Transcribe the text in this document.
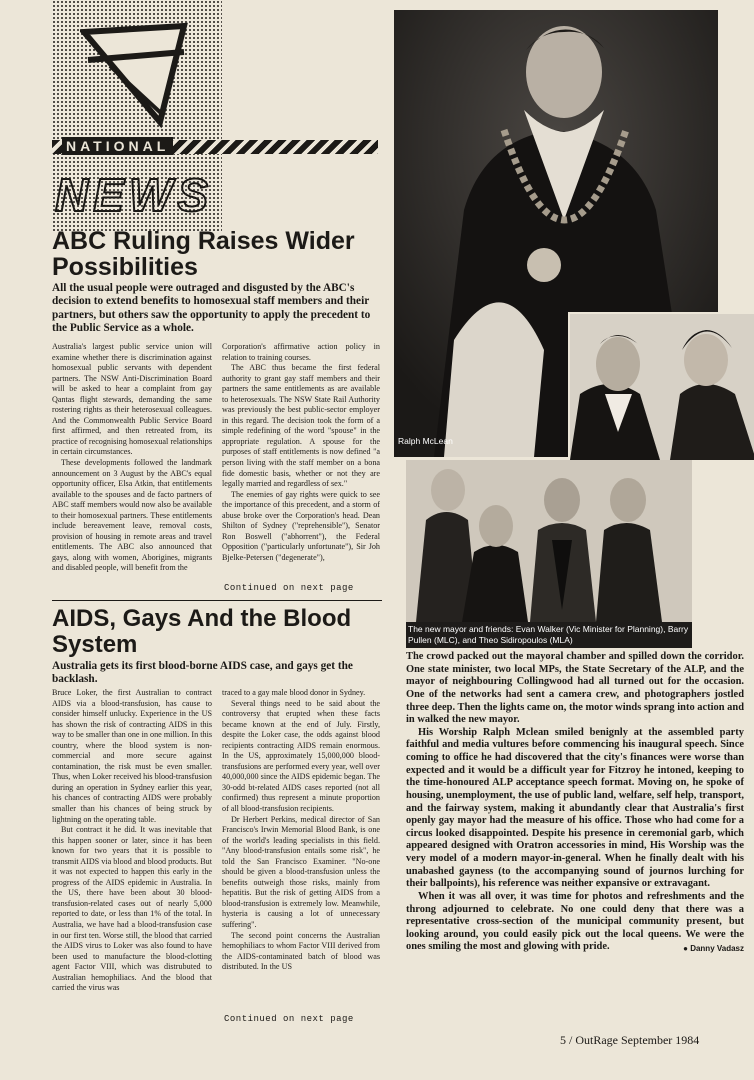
NATIONAL
NEWS
ABC Ruling Raises Wider Possibilities
All the usual people were outraged and disgusted by the ABC's decision to extend benefits to homosexual staff members and their partners, but others saw the opportunity to apply the precedent to the Public Service as a whole.

Australia's largest public service union will examine whether there is discrimination against homosexual public servants with dependent partners. The NSW Anti-Discrimination Board will be asked to hear a complaint from gay Qantas flight stewards, demanding the same rostering rights as their heterosexual colleagues. And the Commonwealth Public Service Board first affirmed, and then retreated from, its practice of recognising homosexual relationships in certain circumstances.

These developments followed the landmark announcement on 3 August by the ABC's equal opportunity officer, Elsa Atkin, that entitlements available to the spouses and de facto partners of ABC staff members would now also be available to their homosexual partners. These entitlements include bereavement leave, removal costs, provision of housing in remote areas and travel entitlements. The ABC also announced that gays, along with women, Aborigines, migrants and disabled people, will benefit from the

Corporation's affirmative action policy in relation to training courses.

The ABC thus became the first federal authority to grant gay staff members and their partners the same entitlements as are available to heterosexuals. The NSW State Rail Authority was previously the best public-sector employer in this regard. The decision took the form of a simple redefining of the word "spouse" in the appropriate regulation. A spouse for the purposes of staff entitlements is now defined "a person living with the staff member on a bona fide domestic basis, whether or not they are legally married and regardless of sex."

The enemies of gay rights were quick to see the importance of this precedent, and a storm of abuse broke over the Corporation's head. Dean Shilton of Sydney ("reprehensible"), Senator Ron Boswell ("abhorrent"), the Federal Opposition ("particularly unfortunate"), Sir Joh Bjelke-Petersen ("degenerate"),

Continued on next page
AIDS, Gays And the Blood System
Australia gets its first blood-borne AIDS case, and gays get the backlash.

Bruce Loker, the first Australian to contract AIDS via a blood-transfusion, has cause to consider himself unlucky. Experience in the US has shown the risk of contracting AIDS in this way to be smaller than one in one million. In this country, where the blood system is non-commercial and more secure against contamination, the risk must be even smaller. Thus, when Loker received his blood-transfusion during an operation in Sydney earlier this year, his chances of contracting AIDS were probably smaller than his chances of being struck by lightning on the operating table.

But contract it he did. It was inevitable that this happen sooner or later, since it has been known for two years that it is possible to transmit AIDS via blood and blood products. But it was not expected to happen this early in the progress of the AIDS epidemic in Australia. In the US, there have been about 30 blood-transfusion-related cases out of nearly 5,000 reported to date, or less than 1% of the total. In Australia, we have had a blood-transfusion case in our first ten. Worse still, the blood that carried the AIDS virus to Loker was also found to have been used to manufacture the blood-clotting agent Factor VIII, which was distrubuted to Australian hemophiliacs. And the blood that carried the virus was

traced to a gay male blood donor in Sydney.

Several things need to be said about the controversy that erupted when these facts became known at the end of July. Firstly, despite the Loker case, the odds against blood recipients contracting AIDS remain enormous. In the US, approximately 15,000,000 blood-transfusions are performed every year, well over 40,000,000 since the AIDS epidemic began. The 30-odd bt-related AIDS cases reported (not all confirmed) thus represent a minute proportion of all blood-transfusion recipients.

Dr Herbert Perkins, medical director of San Francisco's Irwin Memorial Blood Bank, is one of the world's leading specialists in this field. "Any blood-transfusion entails some risk", he told the San Francisco Examiner. "No-one should be given a blood-transfusion unless the benefits outweigh those risks, mainly from hepatitis. But the risk of getting AIDS from a blood-transfusion is extremely low. Meanwhile, hysteria is causing a lot of unnecessary suffering".

The second point concerns the Australian hemophiliacs to whom Factor VIII derived from the AIDS-contaminated batch of blood was distributed. In the US

Continued on next page
Ralph McLean
The new mayor and friends: Evan Walker (Vic Minister for Planning), Barry Pullen (MLC), and Theo Sidiropoulos (MLA)

The crowd packed out the mayoral chamber and spilled down the corridor. One state minister, two local MPs, the State Secretary of the ALP, and the mayor of neighbouring Collingwood had all turned out for the occasion. One of the networks had sent a camera crew, and photographers jostled three deep. Then the lights came on, the motor winds sprang into action and in walked the new mayor.

His Worship Ralph Mclean smiled benignly at the assembled party faithful and media vultures before commencing his inaugural speech. Since coming to office he had discovered that the city's finances were worse than expected and it would be a difficult year for Fitzroy he intoned, keeping to the time-honoured ALP acceptance speech format. Moving on, he spoke of housing, unemployment, the use of public land, welfare, self help, transport, and the fairway system, making it abundantly clear that Australia's first openly gay mayor had the measure of his office. Those who had come for a circus looked disappointed. Despite his presence in ceremonial garb, which appeared designed with Oratron accessories in mind, His Worship was the very model of a modern mayor-in-general. When he finally dealt with his unabashed gayness (to the accompanying sound of journos lurching for their ballpoints), his reference was neither expansive or extravagant.

When it was all over, it was time for photos and refreshments and the throng adjourned to celebrate. No one could deny that there was a representative cross-section of the municipal community present, but looking around, you could easily pick out the local queens. We were the ones smiling the most and glowing with pride.	● Danny Vadasz

5 / OutRage September 1984
